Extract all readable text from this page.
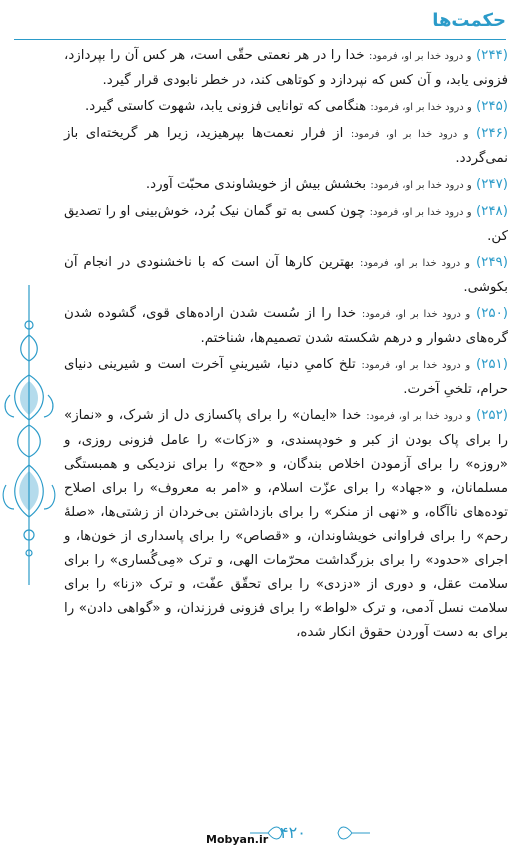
حکمت‌ها

(۲۴۴) و درود خدا بر او، فرمود: خدا را در هر نعمتی حقّی است، هر کس آن را بپردازد، فزونی یابد، و آن کس که نپردازد و کوتاهی کند، در خطر نابودی قرار گیرد.

(۲۴۵) و درود خدا بر او، فرمود: هنگامی که توانایی فزونی یابد، شهوت کاستی گیرد.

(۲۴۶) و درود خدا بر او، فرمود: از فرار نعمت‌ها بپرهیزید، زیرا هر گریخته‌ای باز نمی‌گردد.

(۲۴۷) و درود خدا بر او، فرمود: بخشش بیش از خویشاوندی محبّت آورد.

(۲۴۸) و درود خدا بر او، فرمود: چون کسی به تو گمان نیک بُرد، خوش‌بینی او را تصدیق کن.

(۲۴۹) و درود خدا بر او، فرمود: بهترین کارها آن است که با ناخشنودی در انجام آن بکوشی.

(۲۵۰) و درود خدا بر او، فرمود: خدا را از سُست شدن اراده‌های قوی، گشوده شدن گره‌های دشوار و درهم شکسته شدن تصمیم‌ها، شناختم.

(۲۵۱) و درود خدا بر او، فرمود: تلخ کامیِ دنیا، شیرینیِ آخرت است و شیرینی دنیای حرام، تلخیِ آخرت.

(۲۵۲) و درود خدا بر او، فرمود: خدا «ایمان» را برای پاکسازی دل از شرک، و «نماز» را برای پاک بودن از کبر و خودپسندی، و «زکات» را عامل فزونی روزی، و «روزه» را برای آزمودن اخلاص بندگان، و «حج» را برای نزدیکی و همبستگی مسلمانان، و «جهاد» را برای عزّت اسلام، و «امر به معروف» را برای اصلاح توده‌های ناآگاه، و «نهی از منکر» را برای بازداشتن بی‌خردان از زشتی‌ها، «صلهٔ رحم» را برای فراوانی خویشاوندان، و «قصاص» را برای پاسداری از خون‌ها، و اجرای «حدود» را برای بزرگداشت محرّمات الهی، و ترک «مِی‌گُساری» را برای سلامت عقل، و دوری از «دزدی» را برای تحقّق عفّت، و ترک «زنا» را برای سلامت نسل آدمی، و ترک «لواط» را برای فزونی فرزندان، و «گواهی دادن» را برای به دست آوردن حقوق انکار شده،

۴۲۰
Mobyan.ir
